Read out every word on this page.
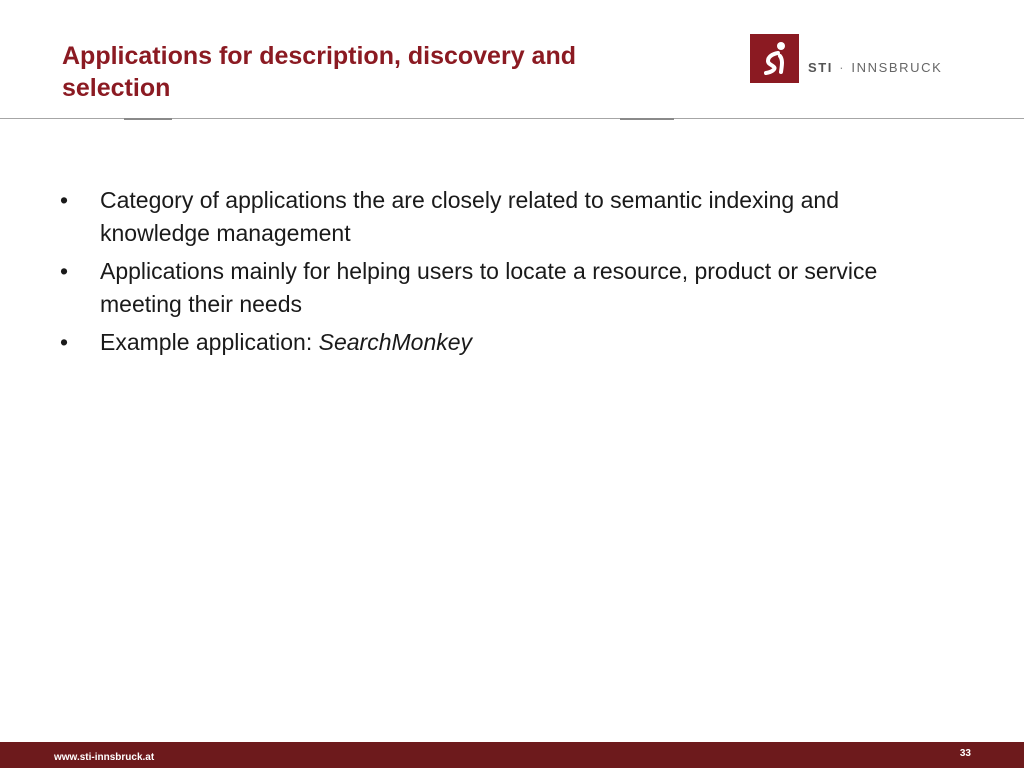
Applications for description, discovery and
selection
STI · INNSBRUCK
• Category of applications the are closely related to semantic indexing and knowledge management
• Applications mainly for helping users to locate a resource, product or service meeting their needs
• Example application: SearchMonkey
www.sti-innsbruck.at	33
